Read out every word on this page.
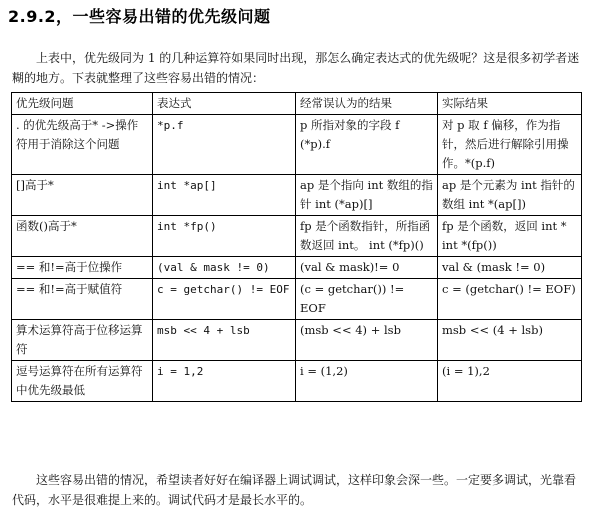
2.9.2，一些容易出错的优先级问题

上表中，优先级同为 1 的几种运算符如果同时出现，那怎么确定表达式的优先级呢？这是很多初学者迷糊的地方。下表就整理了这些容易出错的情况：

优先级问题	表达式	经常误认为的结果	实际结果
. 的优先级高于* ->操作符用于消除这个问题	*p.f	p 所指对象的字段 f (*p).f	对 p 取 f 偏移，作为指针，然后进行解除引用操作。*(p.f)
[]高于*	int *ap[]	ap 是个指向 int 数组的指针 int (*ap)[]	ap 是个元素为 int 指针的数组 int *(ap[])
函数()高于*	int *fp()	fp 是个函数指针，所指函数返回 int。 int (*fp)()	fp 是个函数，返回 int * int *(fp())
== 和!=高于位操作	(val & mask != 0)	(val & mask)!= 0	val & (mask != 0)
== 和!=高于赋值符	c = getchar() != EOF	(c = getchar()) != EOF	c = (getchar() != EOF)
算术运算符高于位移运算符	msb << 4 + lsb	(msb << 4) + lsb	msb << (4 + lsb)
逗号运算符在所有运算符中优先级最低	i = 1,2	i = (1,2)	(i = 1),2

这些容易出错的情况，希望读者好好在编译器上调试调试，这样印象会深一些。一定要多调试，光靠看代码，水平是很难提上来的。调试代码才是最长水平的。
